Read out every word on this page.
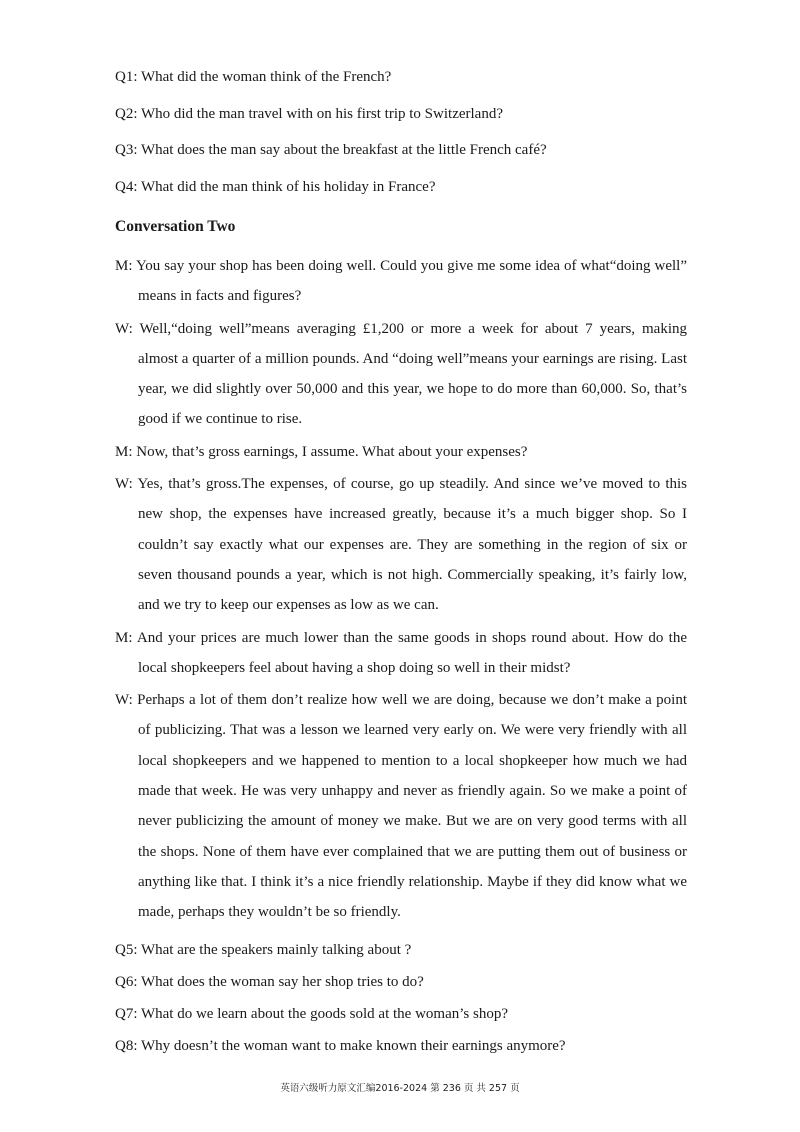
Q1: What did the woman think of the French?

Q2: Who did the man travel with on his first trip to Switzerland?

Q3: What does the man say about the breakfast at the little French café?

Q4: What did the man think of his holiday in France?

Conversation Two

M: You say your shop has been doing well. Could you give me some idea of what“doing well” means in facts and figures?

W: Well,“doing well”means averaging £1,200 or more a week for about 7 years, making almost a quarter of a million pounds. And “doing well”means your earnings are rising. Last year, we did slightly over 50,000 and this year, we hope to do more than 60,000. So, that’s good if we continue to rise.

M: Now, that’s gross earnings, I assume. What about your expenses?

W: Yes, that’s gross.The expenses, of course, go up steadily. And since we’ve moved to this new shop, the expenses have increased greatly, because it’s a much bigger shop. So I couldn’t say exactly what our expenses are. They are something in the region of six or seven thousand pounds a year, which is not high. Commercially speaking, it’s fairly low, and we try to keep our expenses as low as we can.

M: And your prices are much lower than the same goods in shops round about. How do the local shopkeepers feel about having a shop doing so well in their midst?

W: Perhaps a lot of them don’t realize how well we are doing, because we don’t make a point of publicizing. That was a lesson we learned very early on. We were very friendly with all local shopkeepers and we happened to mention to a local shopkeeper how much we had made that week. He was very unhappy and never as friendly again. So we make a point of never publicizing the amount of money we make. But we are on very good terms with all the shops. None of them have ever complained that we are putting them out of business or anything like that. I think it’s a nice friendly relationship. Maybe if they did know what we made, perhaps they wouldn’t be so friendly.

Q5: What are the speakers mainly talking about ?

Q6: What does the woman say her shop tries to do?

Q7: What do we learn about the goods sold at the woman’s shop?

Q8: Why doesn’t the woman want to make known their earnings anymore?

英语六级听力原文汇编2016-2024 第 236 页 共 257 页
